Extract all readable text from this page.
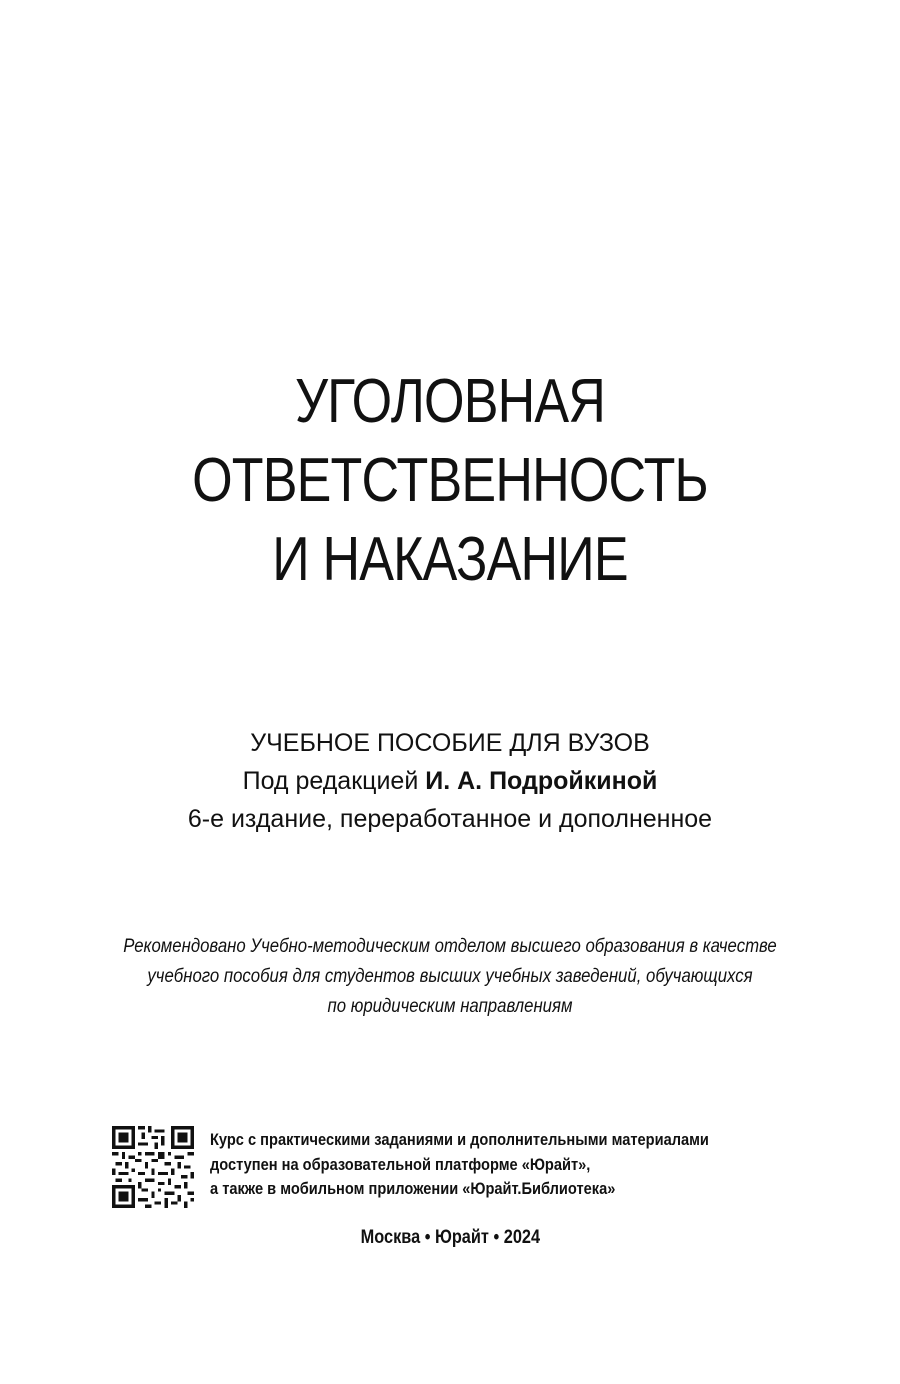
УГОЛОВНАЯ
ОТВЕТСТВЕННОСТЬ
И НАКАЗАНИЕ
УЧЕБНОЕ ПОСОБИЕ ДЛЯ ВУЗОВ
Под редакцией И. А. Подройкиной
6-е издание, переработанное и дополненное
Рекомендовано Учебно-методическим отделом высшего образования в качестве
учебного пособия для студентов высших учебных заведений, обучающихся
по юридическим направлениям
Курс с практическими заданиями и дополнительными материалами
доступен на образовательной платформе «Юрайт»,
а также в мобильном приложении «Юрайт.Библиотека»
Москва • Юрайт • 2024
